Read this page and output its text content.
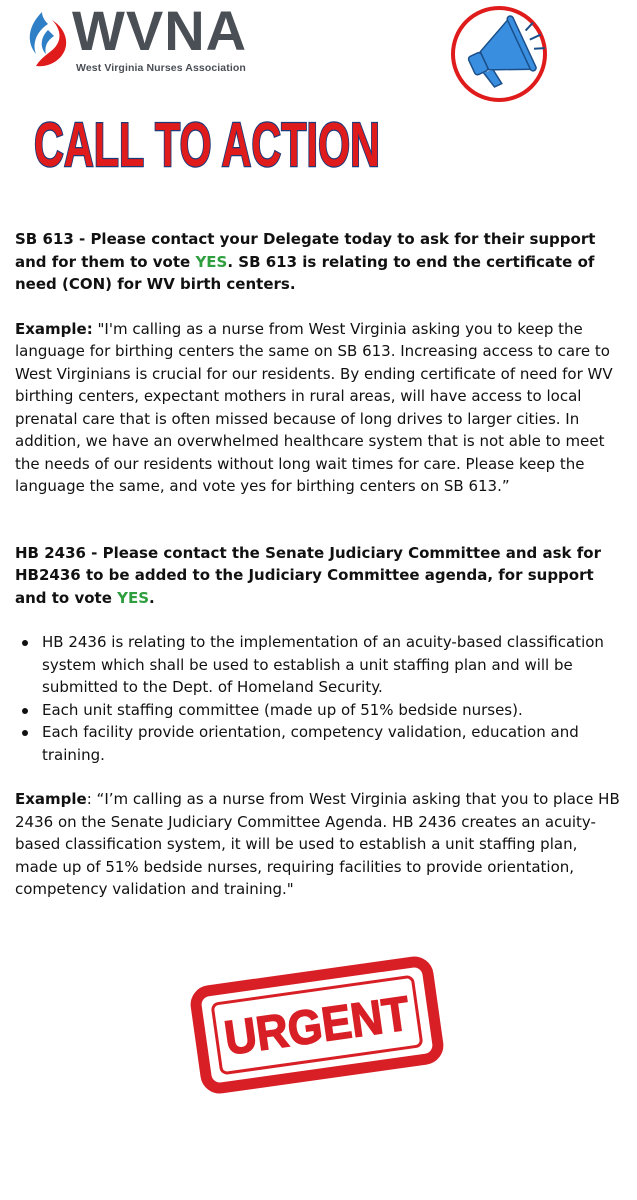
WVNA
West Virginia Nurses Association
CALL TO ACTION

SB 613 - Please contact your Delegate today to ask for their support and for them to vote YES. SB 613 is relating to end the certificate of need (CON) for WV birth centers.

Example: "I'm calling as a nurse from West Virginia asking you to keep the language for birthing centers the same on SB 613. Increasing access to care to West Virginians is crucial for our residents. By ending certificate of need for WV birthing centers, expectant mothers in rural areas, will have access to local prenatal care that is often missed because of long drives to larger cities. In addition, we have an overwhelmed healthcare system that is not able to meet the needs of our residents without long wait times for care. Please keep the language the same, and vote yes for birthing centers on SB 613.”

HB 2436 - Please contact the Senate Judiciary Committee and ask for HB2436 to be added to the Judiciary Committee agenda, for support and to vote YES.

HB 2436 is relating to the implementation of an acuity-based classification system which shall be used to establish a unit staffing plan and will be submitted to the Dept. of Homeland Security.
Each unit staffing committee (made up of 51% bedside nurses).
Each facility provide orientation, competency validation, education and training.

Example: “I’m calling as a nurse from West Virginia asking that you to place HB 2436 on the Senate Judiciary Committee Agenda. HB 2436 creates an acuity-based classification system, it will be used to establish a unit staffing plan, made up of 51% bedside nurses, requiring facilities to provide orientation, competency validation and training."

URGENT
